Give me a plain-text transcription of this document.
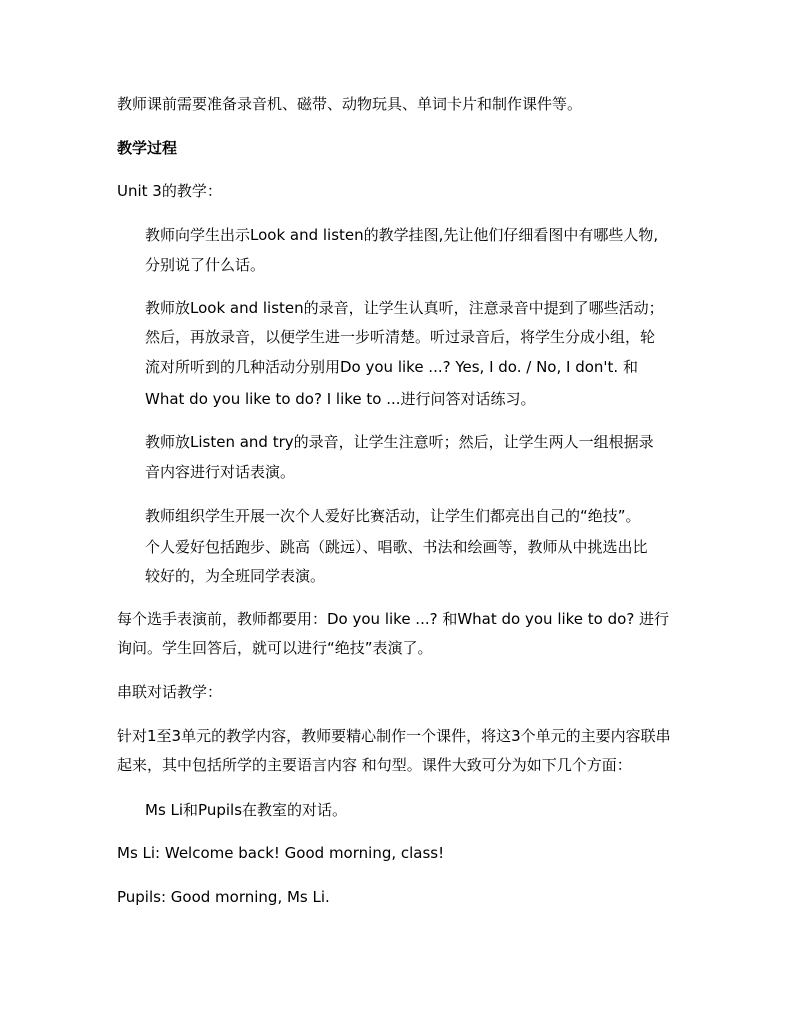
教师课前需要准备录音机、磁带、动物玩具、单词卡片和制作课件等。
教学过程
Unit 3的教学：
教师向学生出示Look and listen的教学挂图,先让他们仔细看图中有哪些人物,
分别说了什么话。
教师放Look and listen的录音，让学生认真听，注意录音中提到了哪些活动；
然后，再放录音，以便学生进一步听清楚。听过录音后，将学生分成小组，轮
流对所听到的几种活动分别用Do you like ...? Yes, I do. / No, I don't. 和
What do you like to do? I like to ...进行问答对话练习。
教师放Listen and try的录音，让学生注意听；然后，让学生两人一组根据录
音内容进行对话表演。
教师组织学生开展一次个人爱好比赛活动，让学生们都亮出自己的“绝技”。
个人爱好包括跑步、跳高（跳远）、唱歌、书法和绘画等，教师从中挑选出比
较好的，为全班同学表演。
每个选手表演前，教师都要用：Do you like ...? 和What do you like to do? 进行
询问。学生回答后，就可以进行“绝技”表演了。
串联对话教学：
针对1至3单元的教学内容，教师要精心制作一个课件，将这3个单元的主要内容联串
起来，其中包括所学的主要语言内容 和句型。课件大致可分为如下几个方面：
Ms Li和Pupils在教室的对话。
Ms Li: Welcome back! Good morning, class!
Pupils: Good morning, Ms Li.
